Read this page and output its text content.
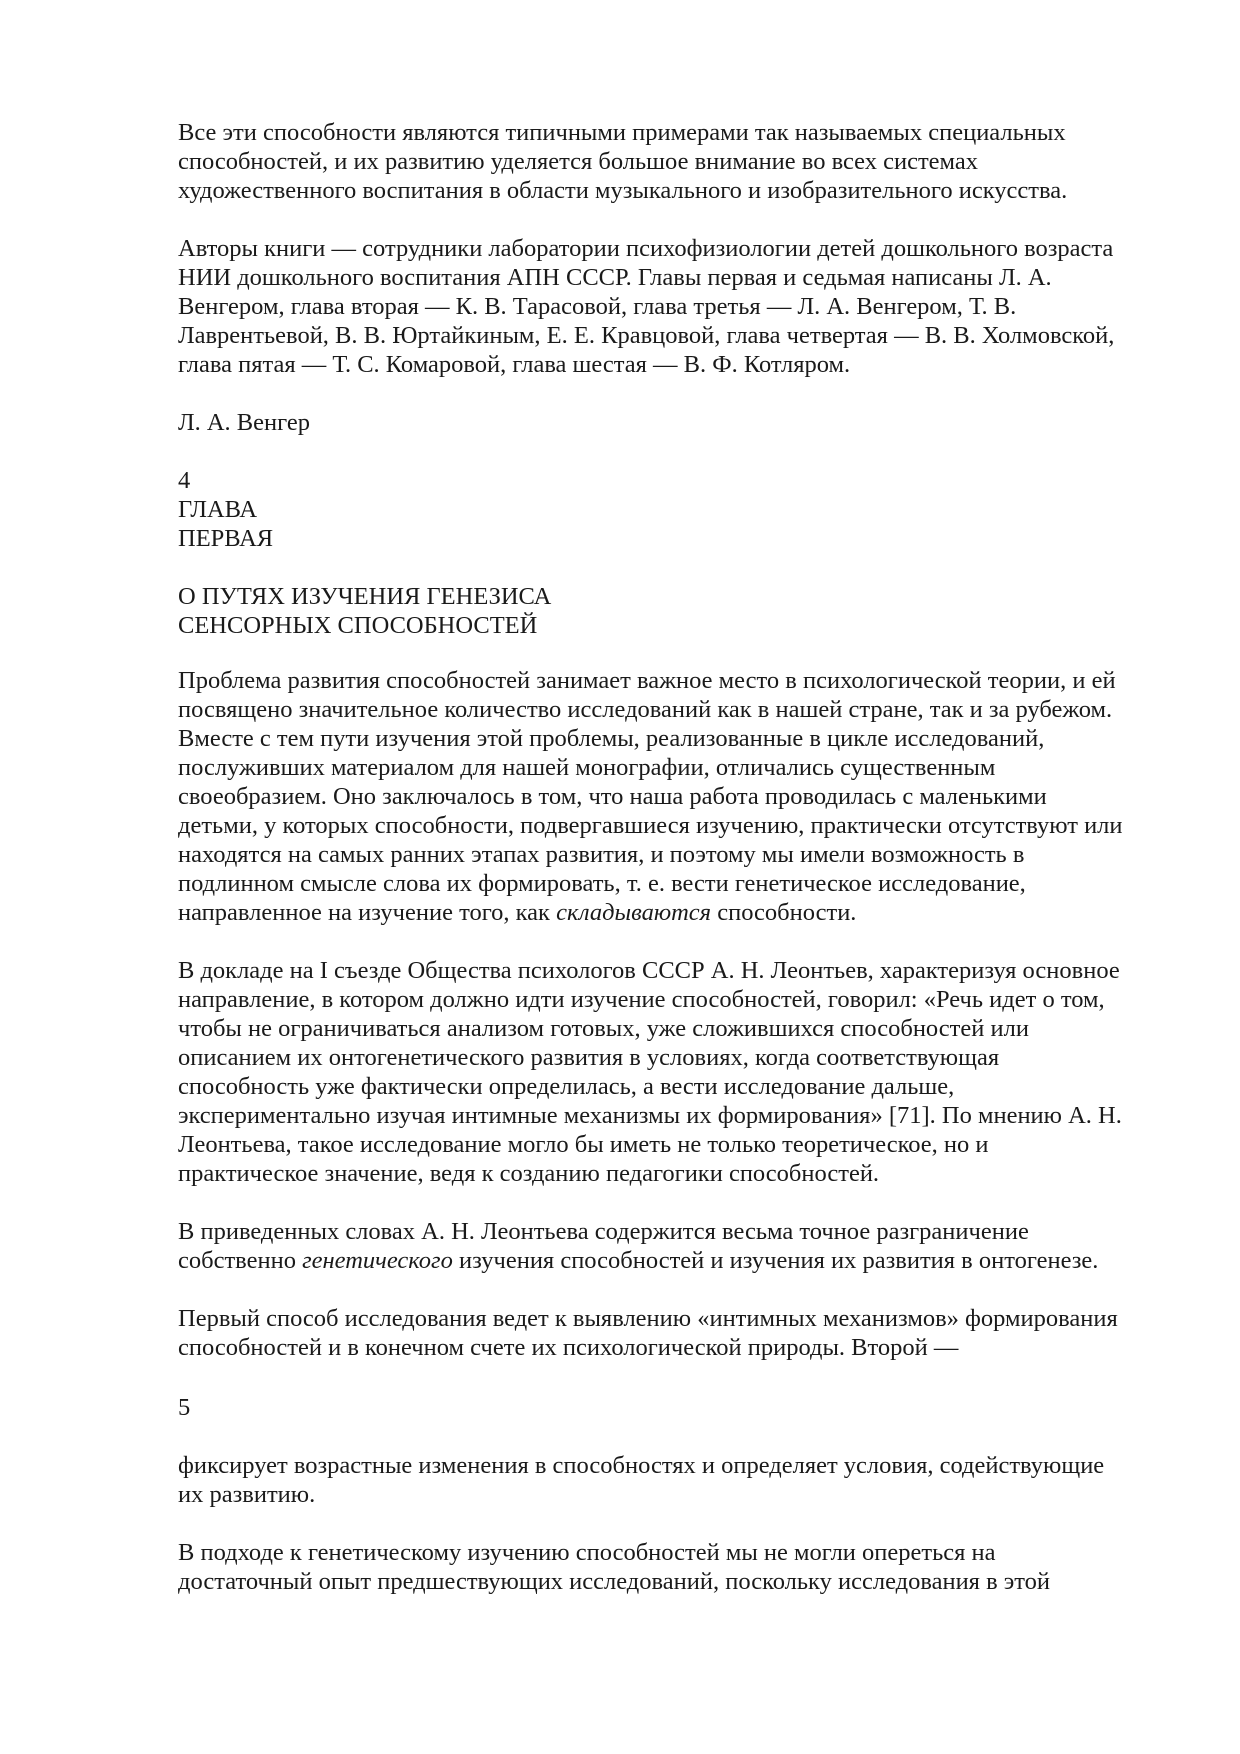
Все эти способности являются типичными примерами так называемых специальных
способностей, и их развитию уделяется большое внимание во всех системах
художественного воспитания в области музыкального и изобразительного искусства.

Авторы книги — сотрудники лаборатории психофизиологии детей дошкольного возраста
НИИ дошкольного воспитания АПН СССР. Главы первая и седьмая написаны Л. А.
Венгером, глава вторая — К. В. Тарасовой, глава третья — Л. А. Венгером, Т. В.
Лаврентьевой, В. В. Юртайкиным, Е. Е. Кравцовой, глава четвертая — В. В. Холмовской,
глава пятая — Т. С. Комаровой, глава шестая — В. Ф. Котляром.

Л. А. Венгер

4

ГЛАВА
ПЕРВАЯ

О ПУТЯХ ИЗУЧЕНИЯ ГЕНЕЗИСА
СЕНСОРНЫХ СПОСОБНОСТЕЙ

Проблема развития способностей занимает важное место в психологической теории, и ей
посвящено значительное количество исследований как в нашей стране, так и за рубежом.
Вместе с тем пути изучения этой проблемы, реализованные в цикле исследований,
послуживших материалом для нашей монографии, отличались существенным
своеобразием. Оно заключалось в том, что наша работа проводилась с маленькими
детьми, у которых способности, подвергавшиеся изучению, практически отсутствуют или
находятся на самых ранних этапах развития, и поэтому мы имели возможность в
подлинном смысле слова их формировать, т. е. вести генетическое исследование,
направленное на изучение того, как складываются способности.

В докладе на I съезде Общества психологов СССР А. Н. Леонтьев, характеризуя основное
направление, в котором должно идти изучение способностей, говорил: «Речь идет о том,
чтобы не ограничиваться анализом готовых, уже сложившихся способностей или
описанием их онтогенетического развития в условиях, когда соответствующая
способность уже фактически определилась, а вести исследование дальше,
экспериментально изучая интимные механизмы их формирования» [71]. По мнению А. Н.
Леонтьева, такое исследование могло бы иметь не только теоретическое, но и
практическое значение, ведя к созданию педагогики способностей.

В приведенных словах А. Н. Леонтьева содержится весьма точное разграничение
собственно генетического изучения способностей и изучения их развития в онтогенезе.

Первый способ исследования ведет к выявлению «интимных механизмов» формирования
способностей и в конечном счете их психологической природы. Второй —

5

фиксирует возрастные изменения в способностях и определяет условия, содействующие
их развитию.

В подходе к генетическому изучению способностей мы не могли опереться на
достаточный опыт предшествующих исследований, поскольку исследования в этой
